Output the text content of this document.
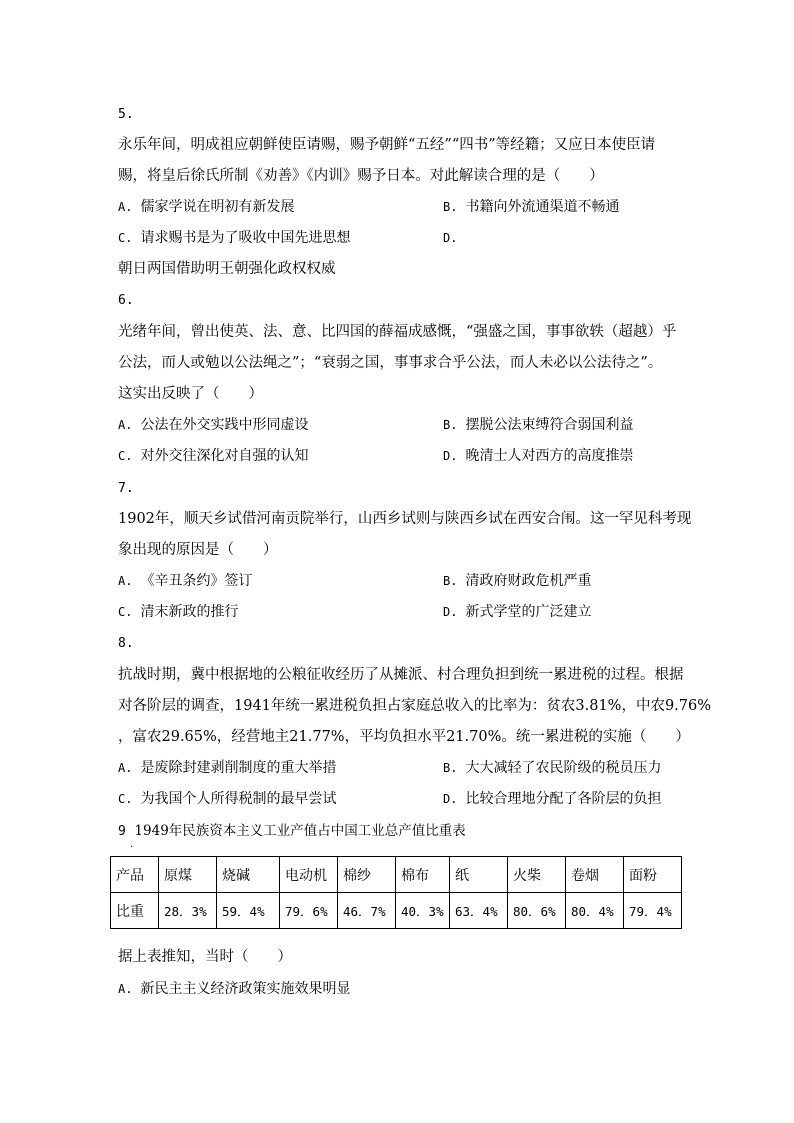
5.
永乐年间，明成祖应朝鲜使臣请赐，赐予朝鲜“五经”“四书”等经籍；又应日本使臣请
赐，将皇后徐氏所制《劝善》《内训》赐予日本。对此解读合理的是（　　）
A. 儒家学说在明初有新发展	B. 书籍向外流通渠道不畅通
C. 请求赐书是为了吸收中国先进思想	D.
朝日两国借助明王朝强化政权权威
6.
光绪年间，曾出使英、法、意、比四国的薛福成感慨，“强盛之国，事事欲轶（超越）乎
公法，而人或勉以公法绳之”；“衰弱之国，事事求合乎公法，而人未必以公法待之”。
这实出反映了（　　）
A. 公法在外交实践中形同虚设	B. 摆脱公法束缚符合弱国利益
C. 对外交往深化对自强的认知	D. 晚清士人对西方的高度推崇
7.
1902年，顺天乡试借河南贡院举行，山西乡试则与陕西乡试在西安合闱。这一罕见科考现
象出现的原因是（　　）
A. 《辛丑条约》签订	B. 清政府财政危机严重
C. 清末新政的推行	D. 新式学堂的广泛建立
8.
抗战时期，冀中根据地的公粮征收经历了从摊派、村合理负担到统一累进税的过程。根据
对各阶层的调查，1941年统一累进税负担占家庭总收入的比率为：贫农3.81%，中农9.76%
，富农29.65%，经营地主21.77%，平均负担水平21.70%。统一累进税的实施（　　）
A. 是废除封建剥削制度的重大举措	B. 大大减轻了农民阶级的税员压力
C. 为我国个人所得税制的最早尝试	D. 比较合理地分配了各阶层的负担
9 1949年民族资本主义工业产值占中国工业总产值比重表
.
产品	原煤	烧碱	电动机	棉纱	棉布	纸	火柴	卷烟	面粉
比重	28．3%	59．4%	79．6%	46．7%	40．3%	63．4%	80．6%	80．4%	79．4%
据上表推知，当时（　　）
A. 新民主主义经济政策实施效果明显
